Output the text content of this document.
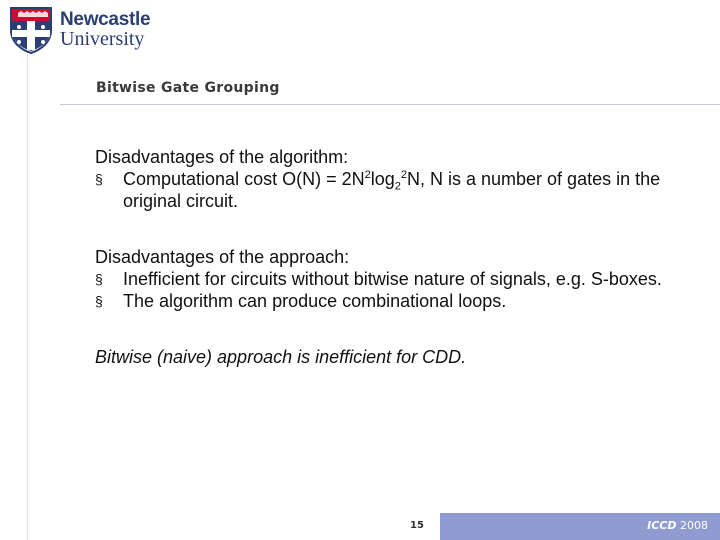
Newcastle
University
Bitwise Gate Grouping

Disadvantages of the algorithm:

§	Computational cost $O(N) = 2N^2\log_2^2N$, N is a number of gates in the original circuit.

Disadvantages of the approach:

§	Inefficient for circuits without bitwise nature of signals, e.g. S-boxes.

§	The algorithm can produce combinational loops.

Bitwise (naive) approach is inefficient for CDD.

15	ICCD 2008
